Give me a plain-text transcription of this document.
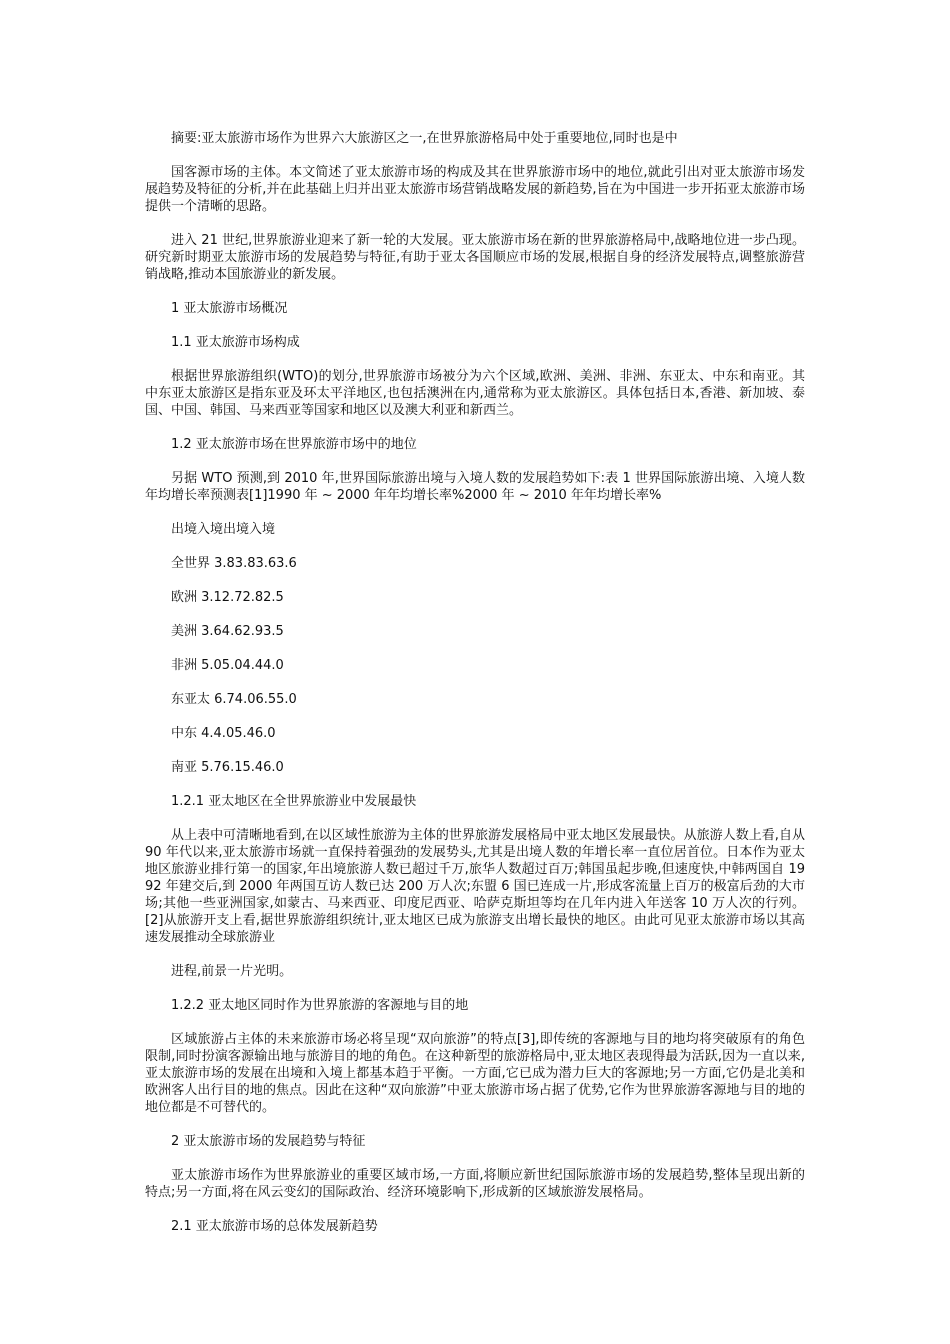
摘要:亚太旅游市场作为世界六大旅游区之一,在世界旅游格局中处于重要地位,同时也是中

国客源市场的主体。本文简述了亚太旅游市场的构成及其在世界旅游市场中的地位,就此引出对亚太旅游市场发展趋势及特征的分析,并在此基础上归并出亚太旅游市场营销战略发展的新趋势,旨在为中国进一步开拓亚太旅游市场提供一个清晰的思路。

进入 21 世纪,世界旅游业迎来了新一轮的大发展。亚太旅游市场在新的世界旅游格局中,战略地位进一步凸现。研究新时期亚太旅游市场的发展趋势与特征,有助于亚太各国顺应市场的发展,根据自身的经济发展特点,调整旅游营销战略,推动本国旅游业的新发展。

1 亚太旅游市场概况

1.1 亚太旅游市场构成

根据世界旅游组织(WTO)的划分,世界旅游市场被分为六个区域,欧洲、美洲、非洲、东亚太、中东和南亚。其中东亚太旅游区是指东亚及环太平洋地区,也包括澳洲在内,通常称为亚太旅游区。具体包括日本,香港、新加坡、泰国、中国、韩国、马来西亚等国家和地区以及澳大利亚和新西兰。

1.2 亚太旅游市场在世界旅游市场中的地位

另据 WTO 预测,到 2010 年,世界国际旅游出境与入境人数的发展趋势如下:表 1 世界国际旅游出境、入境人数年均增长率预测表[1]1990 年 ~ 2000 年年均增长率%2000 年 ~ 2010 年年均增长率%

出境入境出境入境

全世界 3.83.83.63.6

欧洲 3.12.72.82.5

美洲 3.64.62.93.5

非洲 5.05.04.44.0

东亚太 6.74.06.55.0

中东 4.4.05.46.0

南亚 5.76.15.46.0

1.2.1 亚太地区在全世界旅游业中发展最快

从上表中可清晰地看到,在以区域性旅游为主体的世界旅游发展格局中亚太地区发展最快。从旅游人数上看,自从 90 年代以来,亚太旅游市场就一直保持着强劲的发展势头,尤其是出境人数的年增长率一直位居首位。日本作为亚太地区旅游业排行第一的国家,年出境旅游人数已超过千万,旅华人数超过百万;韩国虽起步晚,但速度快,中韩两国自 1992 年建交后,到 2000 年两国互访人数已达 200 万人次;东盟 6 国已连成一片,形成客流量上百万的极富后劲的大市场;其他一些亚洲国家,如蒙古、马来西亚、印度尼西亚、哈萨克斯坦等均在几年内进入年送客 10 万人次的行列。[2]从旅游开支上看,据世界旅游组织统计,亚太地区已成为旅游支出增长最快的地区。由此可见亚太旅游市场以其高速发展推动全球旅游业

进程,前景一片光明。

1.2.2 亚太地区同时作为世界旅游的客源地与目的地

区域旅游占主体的未来旅游市场必将呈现“双向旅游”的特点[3],即传统的客源地与目的地均将突破原有的角色限制,同时扮演客源输出地与旅游目的地的角色。在这种新型的旅游格局中,亚太地区表现得最为活跃,因为一直以来,亚太旅游市场的发展在出境和入境上都基本趋于平衡。一方面,它已成为潜力巨大的客源地;另一方面,它仍是北美和欧洲客人出行目的地的焦点。因此在这种“双向旅游”中亚太旅游市场占据了优势,它作为世界旅游客源地与目的地的地位都是不可替代的。

2 亚太旅游市场的发展趋势与特征

亚太旅游市场作为世界旅游业的重要区域市场,一方面,将顺应新世纪国际旅游市场的发展趋势,整体呈现出新的特点;另一方面,将在风云变幻的国际政治、经济环境影响下,形成新的区域旅游发展格局。

2.1 亚太旅游市场的总体发展新趋势
